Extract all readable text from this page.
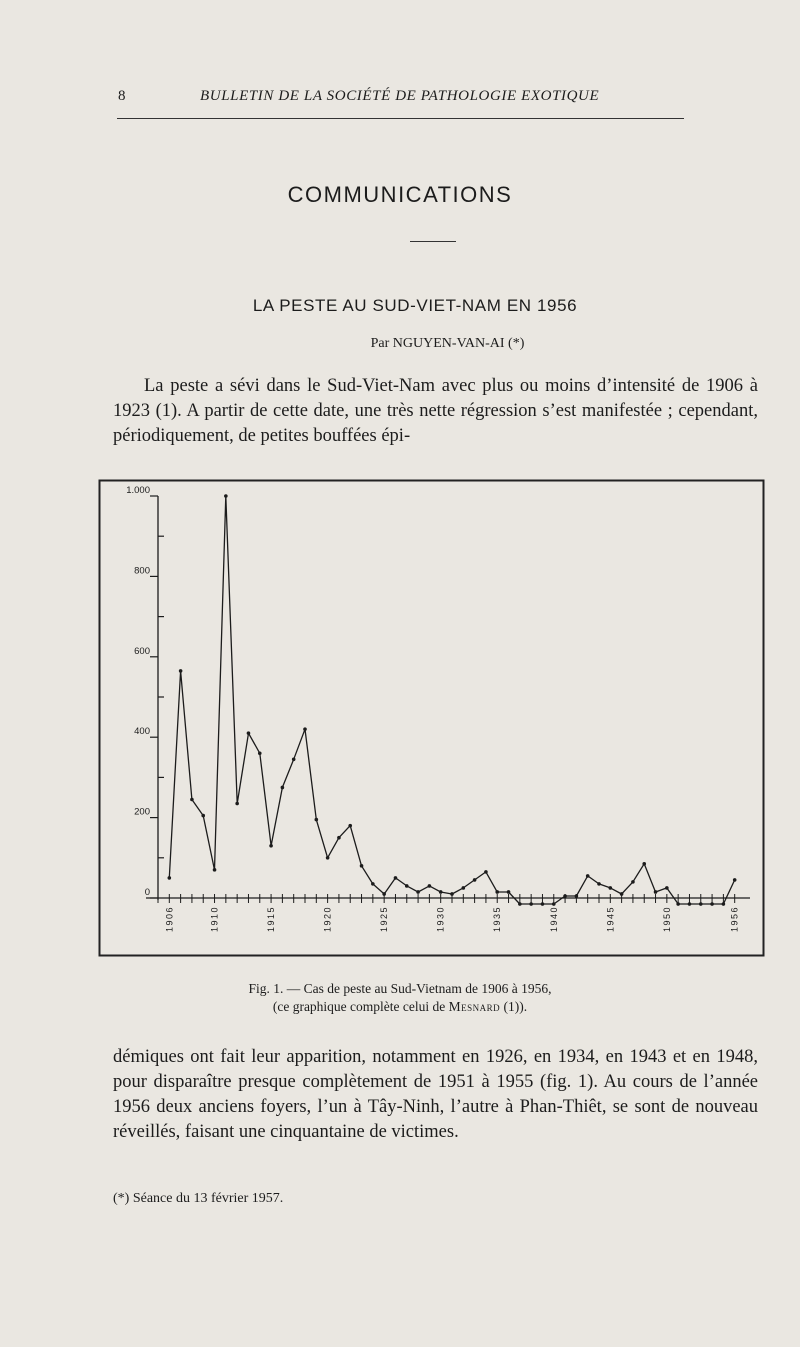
8	BULLETIN DE LA SOCIÉTÉ DE PATHOLOGIE EXOTIQUE
COMMUNICATIONS
LA PESTE AU SUD-VIET-NAM EN 1956
Par NGUYEN-VAN-AI (*)
La peste a sévi dans le Sud-Viet-Nam avec plus ou moins d’intensité de 1906 à 1923 (1). A partir de cette date, une très nette régression s’est manifestée ; cependant, périodiquement, de petites bouffées épi-
0
200
400
600
800
1.000
1906	1910	1915	1920	1925	1930	1935	1940	1945	1950	1956
Fig. 1. — Cas de peste au Sud-Vietnam de 1906 à 1956,
(ce graphique complète celui de Mesnard (1)).
démiques ont fait leur apparition, notamment en 1926, en 1934, en 1943 et en 1948, pour disparaître presque complètement de 1951 à 1955 (fig. 1). Au cours de l’année 1956 deux anciens foyers, l’un à Tây-Ninh, l’autre à Phan-Thiêt, se sont de nouveau réveillés, faisant une cinquantaine de victimes.
(*) Séance du 13 février 1957.
